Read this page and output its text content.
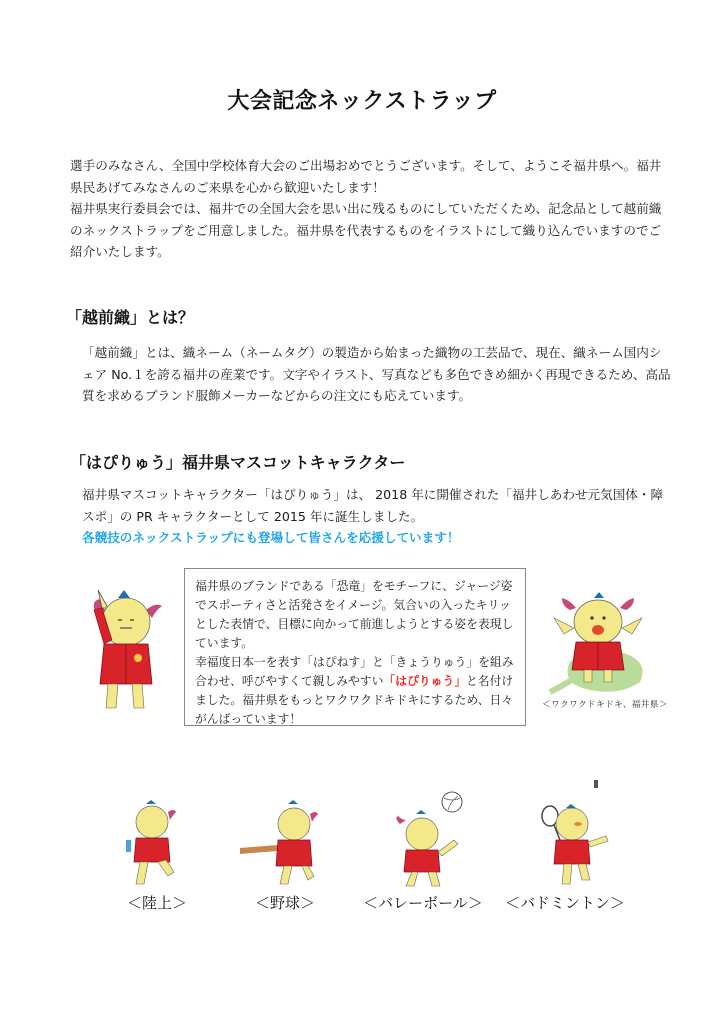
大会記念ネックストラップ

選手のみなさん、全国中学校体育大会のご出場おめでとうございます。そして、ようこそ福井県へ。福井県民あげてみなさんのご来県を心から歓迎いたします！

福井県実行委員会では、福井での全国大会を思い出に残るものにしていただくため、記念品として越前織のネックストラップをご用意しました。福井県を代表するものをイラストにして織り込んでいますのでご紹介いたします。

「越前織」とは？
「越前織」とは、織ネーム（ネームタグ）の製造から始まった織物の工芸品で、現在、織ネーム国内シェア No.１を誇る福井の産業です。文字やイラスト、写真なども多色できめ細かく再現できるため、高品質を求めるブランド服飾メーカーなどからの注文にも応えています。
「はぴりゅう」福井県マスコットキャラクター

福井県マスコットキャラクター「はぴりゅう」は、 2018 年に開催された「福井しあわせ元気国体・障スポ」の PR キャラクターとして 2015 年に誕生しました。

各競技のネックストラップにも登場して皆さんを応援しています！

福井県のブランドである「恐竜」をモチーフに、ジャージ姿でスポーティさと活発さをイメージ。気合いの入ったキリッとした表情で、目標に向かって前進しようとする姿を表現しています。

幸福度日本一を表す「はぴねす」と「きょうりゅう」を組み合わせ、呼びやすくて親しみやすい「はぴりゅう」と名付けました。福井県をもっとワクワクドキドキにするため、日々がんばっています！

＜ワクワクドキドキ、福井県＞
＜陸上＞	＜野球＞	＜バレーボール＞	＜バドミントン＞
